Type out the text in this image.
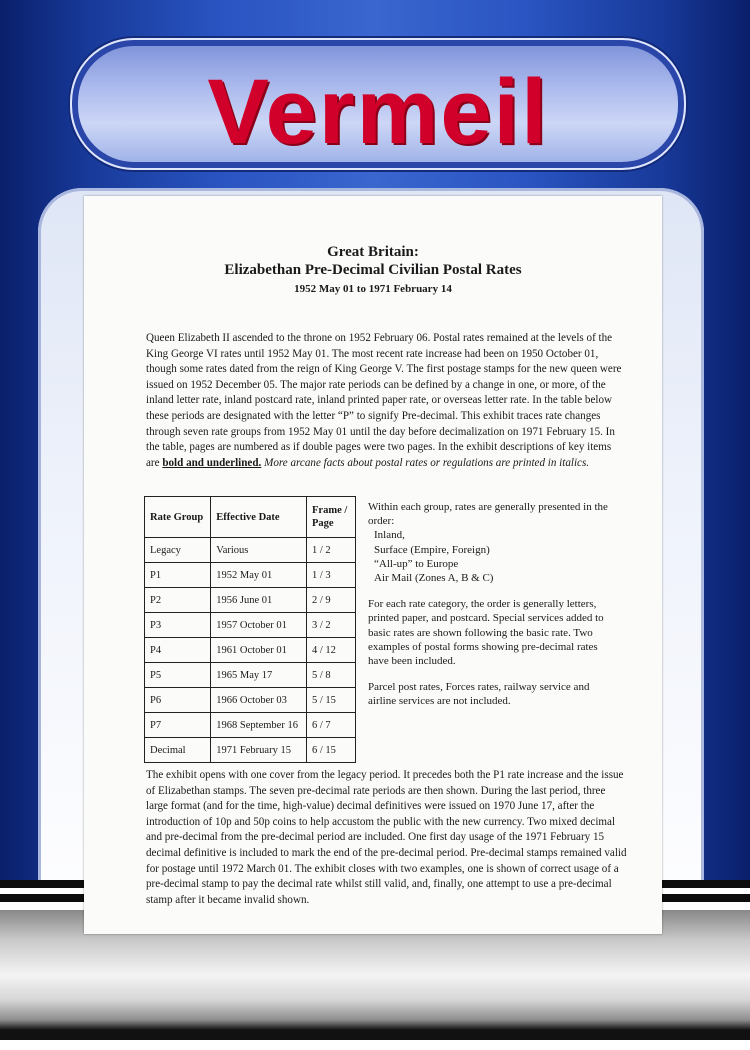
Vermeil
Great Britain:
Elizabethan Pre-Decimal Civilian Postal Rates
1952 May 01 to 1971 February 14

Queen Elizabeth II ascended to the throne on 1952 February 06. Postal rates remained at the levels of the King George VI rates until 1952 May 01. The most recent rate increase had been on 1950 October 01, though some rates dated from the reign of King George V. The first postage stamps for the new queen were issued on 1952 December 05. The major rate periods can be defined by a change in one, or more, of the inland letter rate, inland postcard rate, inland printed paper rate, or overseas letter rate. In the table below these periods are designated with the letter “P” to signify Pre-decimal. This exhibit traces rate changes through seven rate groups from 1952 May 01 until the day before decimalization on 1971 February 15. In the table, pages are numbered as if double pages were two pages. In the exhibit descriptions of key items are bold and underlined. More arcane facts about postal rates or regulations are printed in italics.

Rate Group	Effective Date	Frame / Page
Legacy	Various	1 / 2
P1	1952 May 01	1 / 3
P2	1956 June 01	2 / 9
P3	1957 October 01	3 / 2
P4	1961 October 01	4 / 12
P5	1965 May 17	5 / 8
P6	1966 October 03	5 / 15
P7	1968 September 16	6 / 7
Decimal	1971 February 15	6 / 15

Within each group, rates are generally presented in the order:

Inland,

Surface (Empire, Foreign)

“All-up” to Europe

Air Mail (Zones A, B & C)

For each rate category, the order is generally letters, printed paper, and postcard. Special services added to basic rates are shown following the basic rate. Two examples of postal forms showing pre-decimal rates have been included.

Parcel post rates, Forces rates, railway service and airline services are not included.

The exhibit opens with one cover from the legacy period. It precedes both the P1 rate increase and the issue of Elizabethan stamps. The seven pre-decimal rate periods are then shown. During the last period, three large format (and for the time, high-value) decimal definitives were issued on 1970 June 17, after the introduction of 10p and 50p coins to help accustom the public with the new currency. Two mixed decimal and pre-decimal from the pre-decimal period are included. One first day usage of the 1971 February 15 decimal definitive is included to mark the end of the pre-decimal period. Pre-decimal stamps remained valid for postage until 1972 March 01. The exhibit closes with two examples, one is shown of correct usage of a pre-decimal stamp to pay the decimal rate whilst still valid, and, finally, one attempt to use a pre-decimal stamp after it became invalid shown.
